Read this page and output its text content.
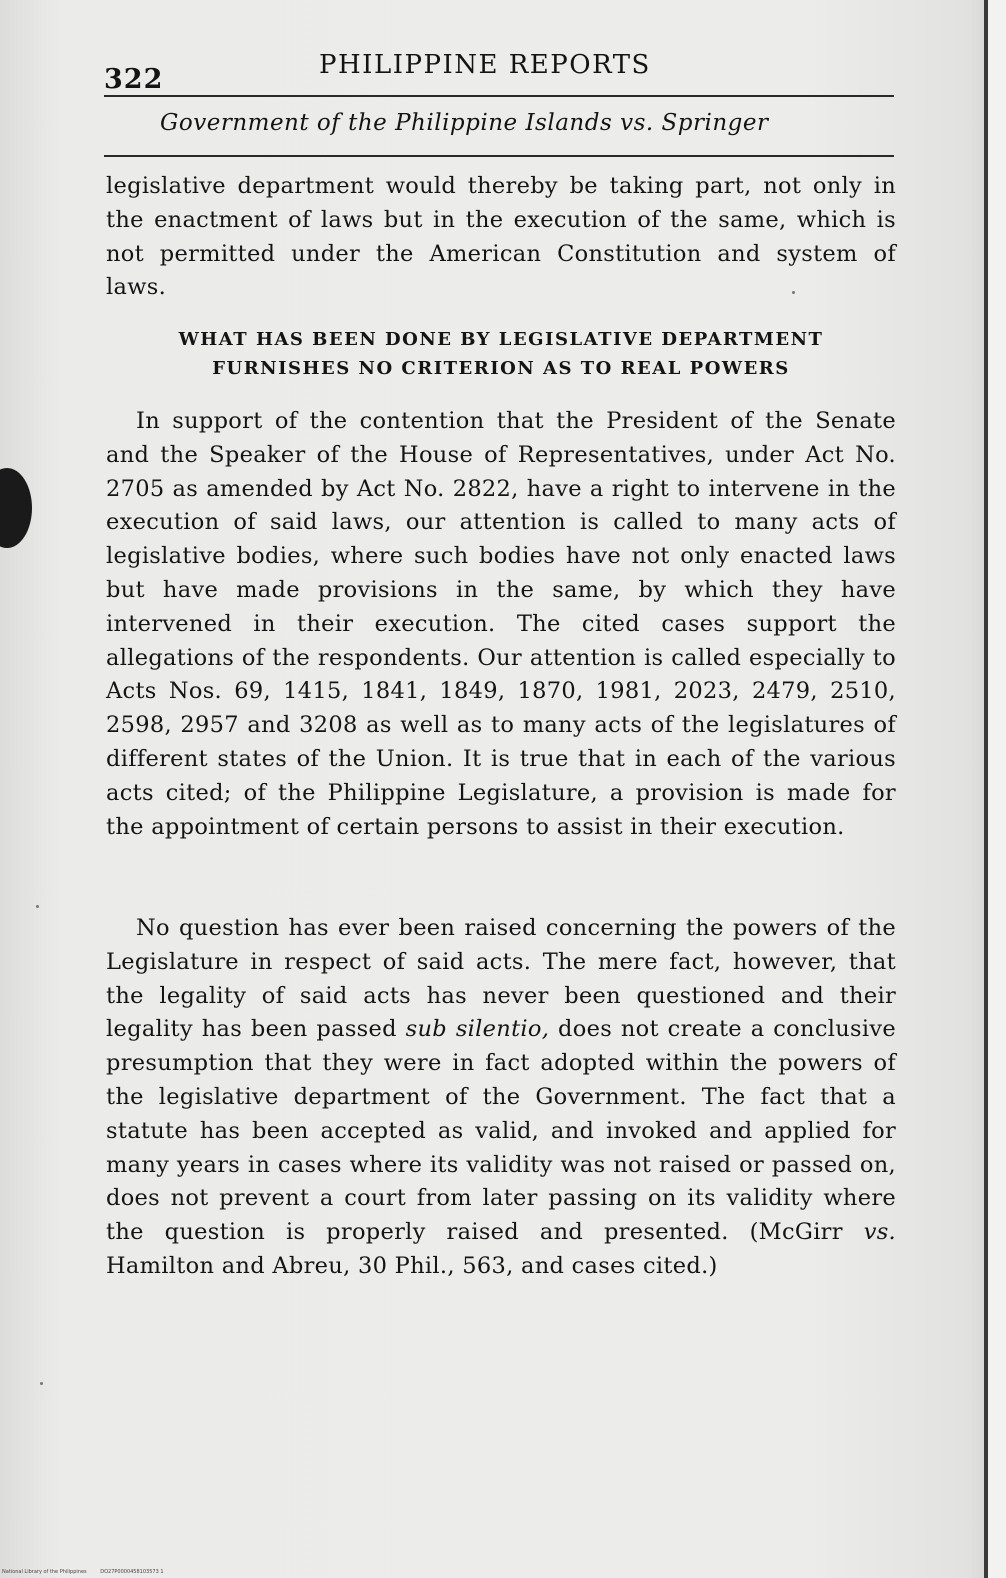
322	PHILIPPINE REPORTS
Government of the Philippine Islands vs. Springer
legislative department would thereby be taking part, not only in the enactment of laws but in the execution of the same, which is not permitted under the American Constitution and system of laws.
WHAT HAS BEEN DONE BY LEGISLATIVE DEPARTMENT FURNISHES NO CRITERION AS TO REAL POWERS
In support of the contention that the President of the Senate and the Speaker of the House of Representatives, under Act No. 2705 as amended by Act No. 2822, have a right to intervene in the execution of said laws, our attention is called to many acts of legislative bodies, where such bodies have not only enacted laws but have made provisions in the same, by which they have intervened in their execution. The cited cases support the allegations of the respondents. Our attention is called especially to Acts Nos. 69, 1415, 1841, 1849, 1870, 1981, 2023, 2479, 2510, 2598, 2957 and 3208 as well as to many acts of the legislatures of different states of the Union. It is true that in each of the various acts cited; of the Philippine Legislature, a provision is made for the appointment of certain persons to assist in their execution.
No question has ever been raised concerning the powers of the Legislature in respect of said acts. The mere fact, however, that the legality of said acts has never been questioned and their legality has been passed sub silentio, does not create a conclusive presumption that they were in fact adopted within the powers of the legislative department of the Government. The fact that a statute has been accepted as valid, and invoked and applied for many years in cases where its validity was not raised or passed on, does not prevent a court from later passing on its validity where the question is properly raised and presented. (McGirr vs. Hamilton and Abreu, 30 Phil., 563, and cases cited.)
National Library of the Philippines	DO27P0000458103573 1
